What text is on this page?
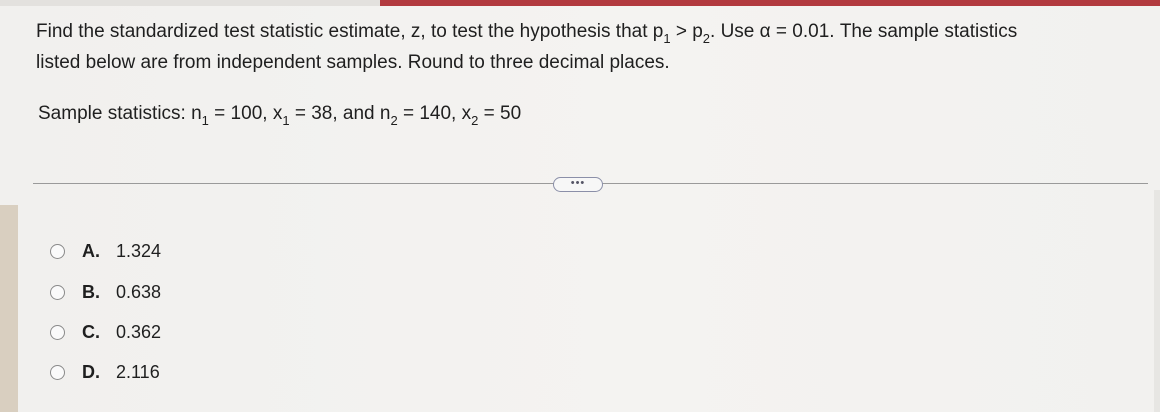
Find the standardized test statistic estimate, z, to test the hypothesis that $p_1 > p_2$. Use α = 0.01. The sample statistics
listed below are from independent samples. Round to three decimal places.
Sample statistics: $n_1 = 100$, $x_1 = 38$, and $n_2 = 140$, $x_2 = 50$
•••
A. 1.324
B. 0.638
C. 0.362
D. 2.116
